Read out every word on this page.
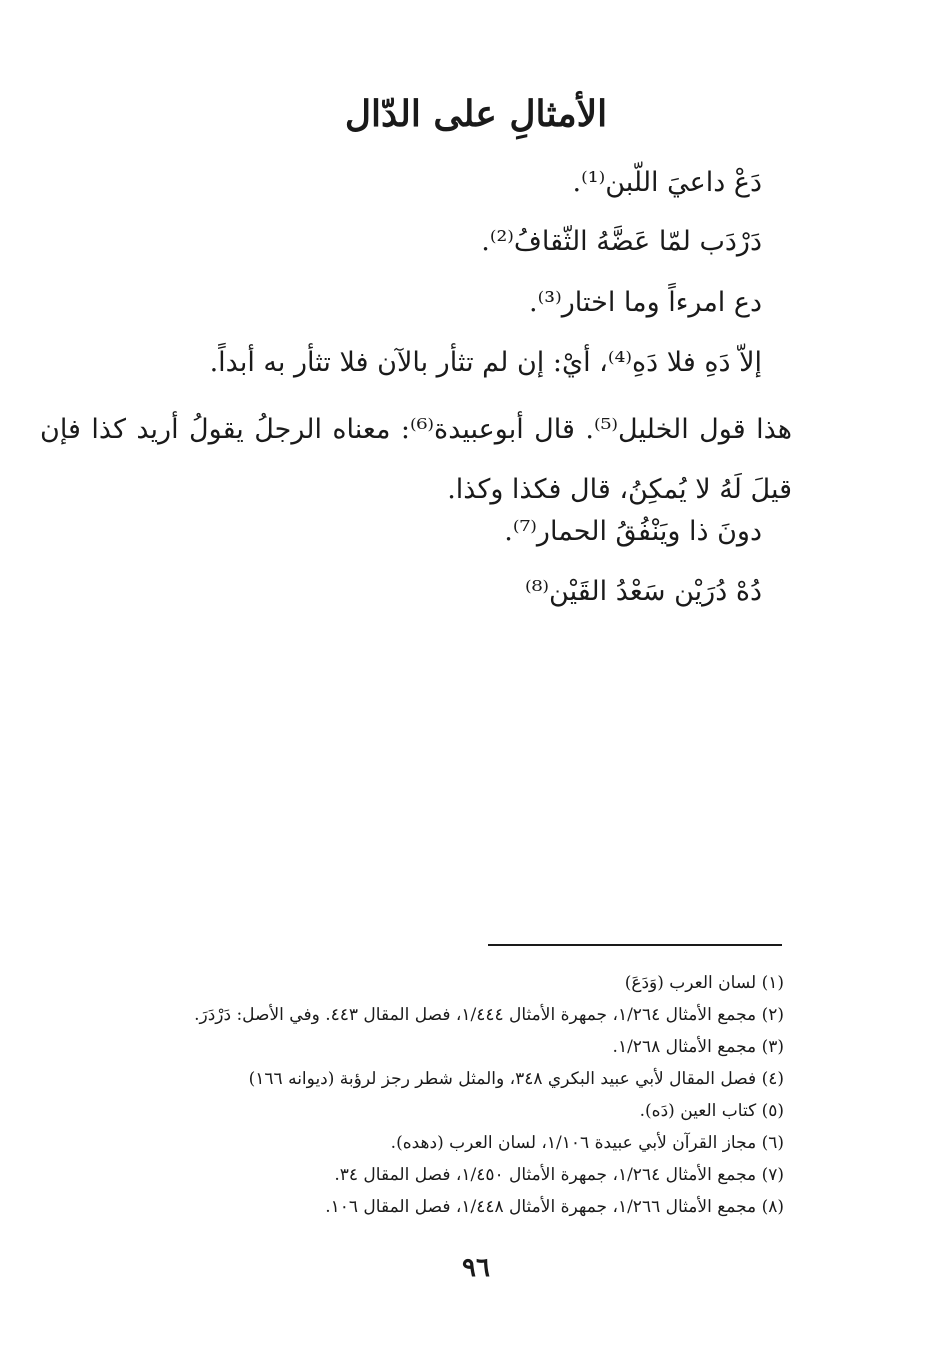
الأمثالِ على الدّال
دَعْ داعيَ اللّبن⁽¹⁾.
دَرْدَب لمّا عَضَّهُ الثّقافُ⁽²⁾.
دع امرءاً وما اختار⁽³⁾.
إلاّ دَهِ فلا دَهِ⁽⁴⁾، أيْ: إن لم تثأر بالآن فلا تثأر به أبداً.
هذا قول الخليل⁽⁵⁾. قال أبوعبيدة⁽⁶⁾: معناه الرجلُ يقولُ أريد كذا فإن قيلَ لَهُ لا يُمكِنُ، قال فكذا وكذا.
دونَ ذا ويَنْفُقُ الحمار⁽⁷⁾.
دُهْ دُرَيْن سَعْدُ القَيْن⁽⁸⁾
(١) لسان العرب (وَدَعَ)
(٢) مجمع الأمثال ١/٢٦٤، جمهرة الأمثال ١/٤٤٤، فصل المقال ٤٤٣. وفي الأصل: دَرْدَرَ.
(٣) مجمع الأمثال ١/٢٦٨.
(٤) فصل المقال لأبي عبيد البكري ٣٤٨، والمثل شطر رجز لرؤبة (ديوانه ١٦٦)
(٥) كتاب العين (دَه).
(٦) مجاز القرآن لأبي عبيدة ١/١٠٦، لسان العرب (دهده).
(٧) مجمع الأمثال ١/٢٦٤، جمهرة الأمثال ١/٤٥٠، فصل المقال ٣٤.
(٨) مجمع الأمثال ١/٢٦٦، جمهرة الأمثال ١/٤٤٨، فصل المقال ١٠٦.
٩٦
